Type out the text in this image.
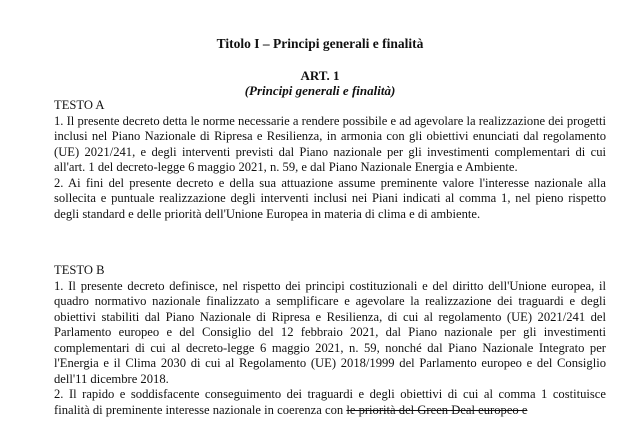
Titolo I – Principi generali e finalità
ART. 1
(Principi generali e finalità)
TESTO A
1. Il presente decreto detta le norme necessarie a rendere possibile e ad agevolare la realizzazione dei progetti inclusi nel Piano Nazionale di Ripresa e Resilienza, in armonia con gli obiettivi enunciati dal regolamento (UE) 2021/241, e degli interventi previsti dal Piano nazionale per gli investimenti complementari di cui all'art. 1 del decreto-legge 6 maggio 2021, n. 59, e dal Piano Nazionale Energia e Ambiente.
2. Ai fini del presente decreto e della sua attuazione assume preminente valore l'interesse nazionale alla sollecita e puntuale realizzazione degli interventi inclusi nei Piani indicati al comma 1, nel pieno rispetto degli standard e delle priorità dell'Unione Europea in materia di clima e di ambiente.
TESTO B
1. Il presente decreto definisce, nel rispetto dei principi costituzionali e del diritto dell'Unione europea, il quadro normativo nazionale finalizzato a semplificare e agevolare la realizzazione dei traguardi e degli obiettivi stabiliti dal Piano Nazionale di Ripresa e Resilienza, di cui al regolamento (UE) 2021/241 del Parlamento europeo e del Consiglio del 12 febbraio 2021, dal Piano nazionale per gli investimenti complementari di cui al decreto-legge 6 maggio 2021, n. 59, nonché dal Piano Nazionale Integrato per l'Energia e il Clima 2030 di cui al Regolamento (UE) 2018/1999 del Parlamento europeo e del Consiglio dell'11 dicembre 2018.
2. Il rapido e soddisfacente conseguimento dei traguardi e degli obiettivi di cui al comma 1 costituisce finalità di preminente interesse nazionale in coerenza con le priorità del Green Deal europeo e
